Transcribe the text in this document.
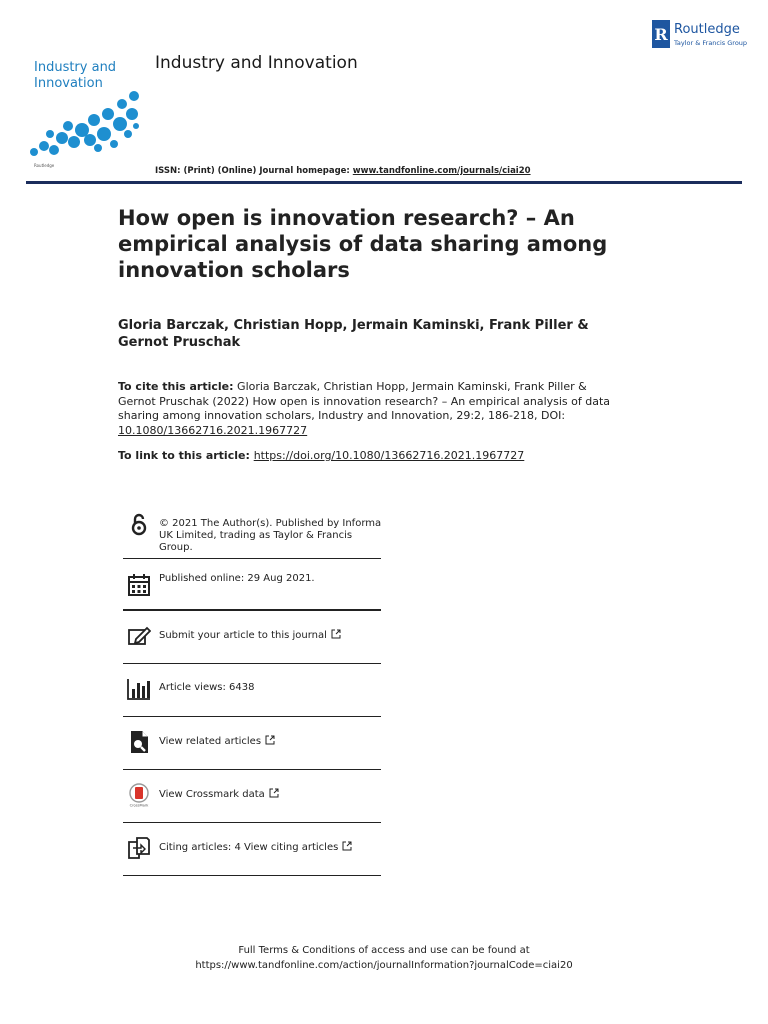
Industry and
Innovation
Routledge
Industry and Innovation
R Routledge
Taylor & Francis Group
ISSN: (Print) (Online) Journal homepage: www.tandfonline.com/journals/ciai20
How open is innovation research? – An empirical analysis of data sharing among innovation scholars
Gloria Barczak, Christian Hopp, Jermain Kaminski, Frank Piller & Gernot Pruschak
To cite this article: Gloria Barczak, Christian Hopp, Jermain Kaminski, Frank Piller & Gernot Pruschak (2022) How open is innovation research? – An empirical analysis of data sharing among innovation scholars, Industry and Innovation, 29:2, 186-218, DOI: 10.1080/13662716.2021.1967727
To link to this article: https://doi.org/10.1080/13662716.2021.1967727
© 2021 The Author(s). Published by Informa UK Limited, trading as Taylor & Francis Group.
Published online: 29 Aug 2021.
Submit your article to this journal
Article views: 6438
View related articles
CrossMark
View Crossmark data
Citing articles: 4 View citing articles
Full Terms & Conditions of access and use can be found at
https://www.tandfonline.com/action/journalInformation?journalCode=ciai20
